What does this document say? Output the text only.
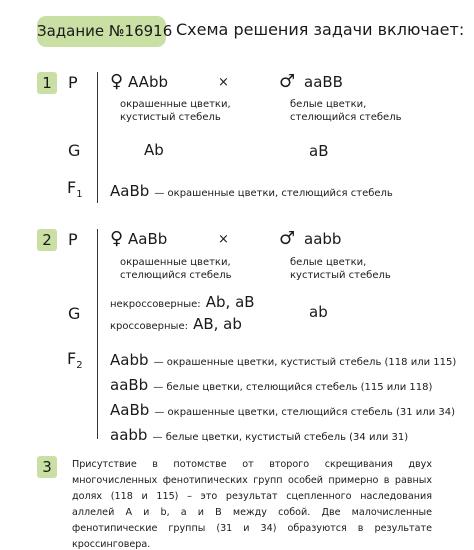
Задание №16916 Схема решения задачи включает:
1	P ♀ AAbb	×	♂ aaBB
окрашенные цветки,
кустистый стебель
белые цветки,
стелющийся стебель
G	Ab	aB
$F_1$ AaBb — окрашенные цветки, стелющийся стебель
2	P ♀ AaBb	×	♂ aabb
окрашенные цветки,
стелющийся стебель
белые цветки,
кустистый стебель
G	некроссоверные: Ab, aB
кроссоверные: AB, ab
ab
$F_2$ Aabb — окрашенные цветки, кустистый стебель (118 или 115)
aaBb — белые цветки, стелющийся стебель (115 или 118)
AaBb — окрашенные цветки, стелющийся стебель (31 или 34)
aabb — белые цветки, кустистый стебель (34 или 31)
3	Присутствие в потомстве от второго скрещивания двух многочисленных фенотипических групп особей примерно в равных долях (118 и 115) – это результат сцепленного наследования аллелей A и b, a и B между собой. Две малочисленные фенотипические группы (31 и 34) образуются в результате кроссинговера.
